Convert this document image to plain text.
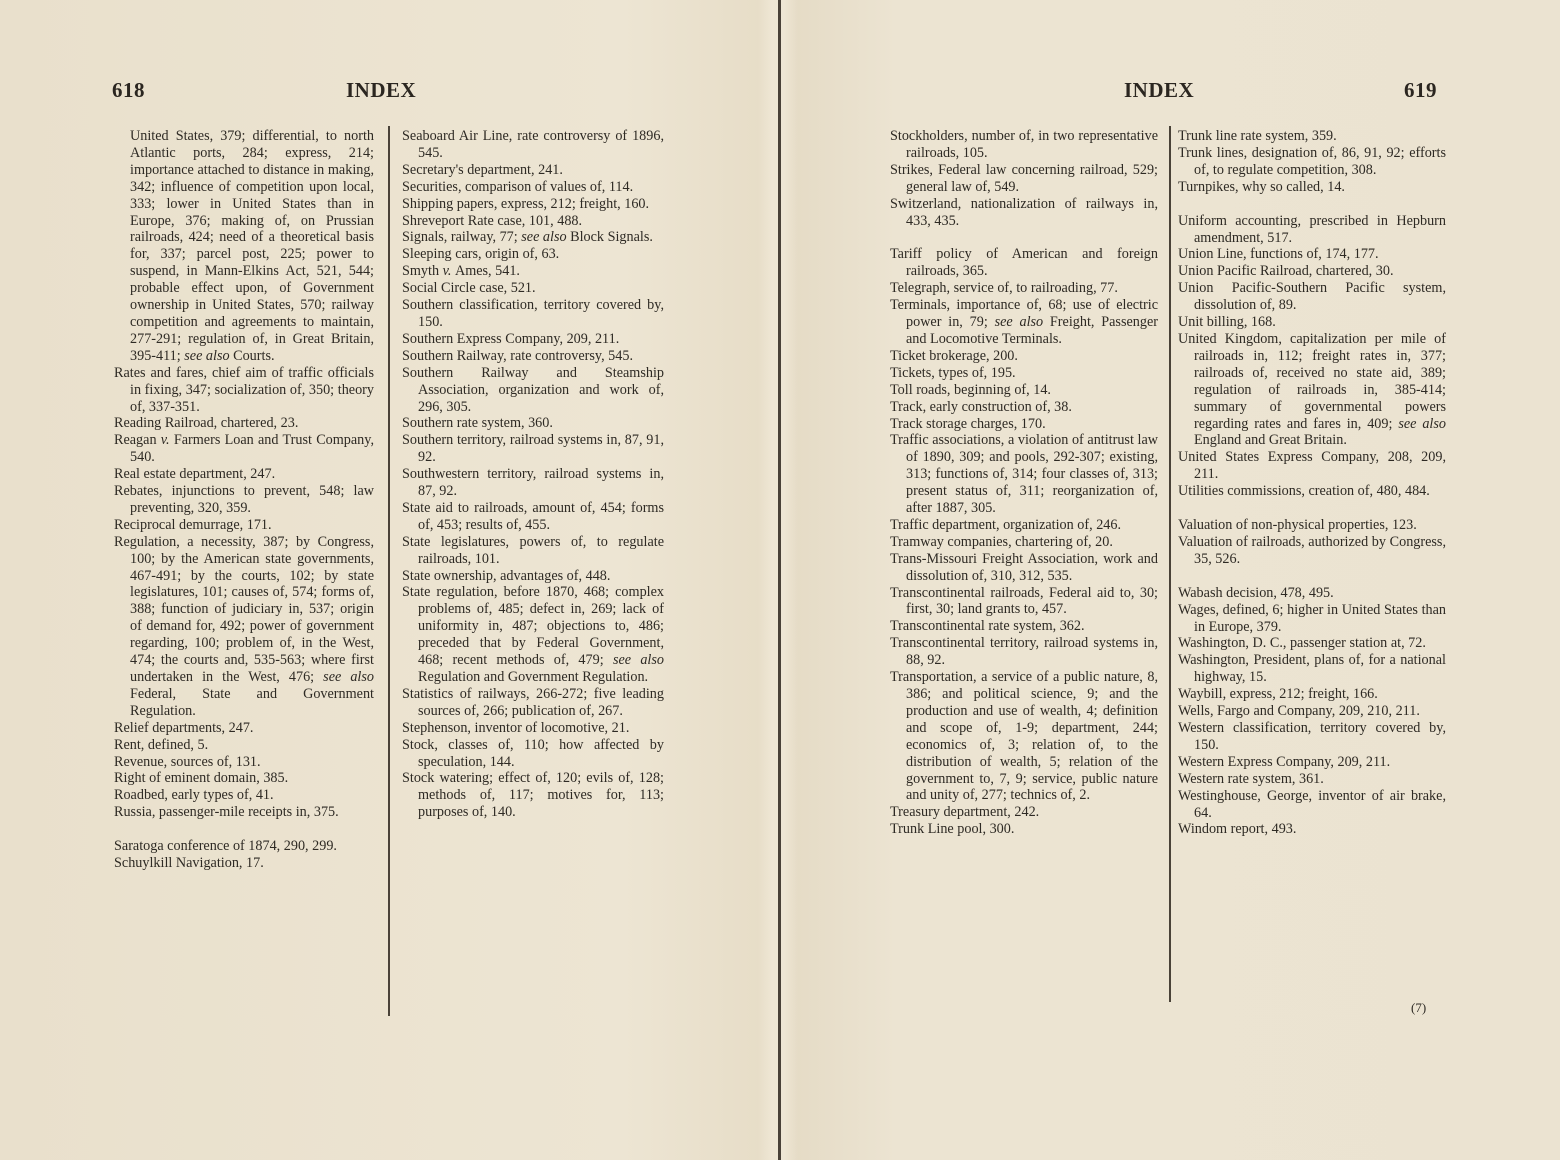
618	INDEX

United States, 379; differential, to north Atlantic ports, 284; express, 214; importance attached to distance in making, 342; influence of competition upon local, 333; lower in United States than in Europe, 376; making of, on Prussian railroads, 424; need of a theoretical basis for, 337; parcel post, 225; power to suspend, in Mann-Elkins Act, 521, 544; probable effect upon, of Government ownership in United States, 570; railway competition and agreements to maintain, 277-291; regulation of, in Great Britain, 395-411; see also Courts.

Rates and fares, chief aim of traffic officials in fixing, 347; socialization of, 350; theory of, 337-351.

Reading Railroad, chartered, 23.

Reagan v. Farmers Loan and Trust Company, 540.

Real estate department, 247.

Rebates, injunctions to prevent, 548; law preventing, 320, 359.

Reciprocal demurrage, 171.

Regulation, a necessity, 387; by Congress, 100; by the American state governments, 467-491; by the courts, 102; by state legislatures, 101; causes of, 574; forms of, 388; function of judiciary in, 537; origin of demand for, 492; power of government regarding, 100; problem of, in the West, 474; the courts and, 535-563; where first undertaken in the West, 476; see also Federal, State and Government Regulation.

Relief departments, 247.

Rent, defined, 5.

Revenue, sources of, 131.

Right of eminent domain, 385.

Roadbed, early types of, 41.

Russia, passenger-mile receipts in, 375.

Saratoga conference of 1874, 290, 299.

Schuylkill Navigation, 17.

Seaboard Air Line, rate controversy of 1896, 545.

Secretary's department, 241.

Securities, comparison of values of, 114.

Shipping papers, express, 212; freight, 160.

Shreveport Rate case, 101, 488.

Signals, railway, 77; see also Block Signals.

Sleeping cars, origin of, 63.

Smyth v. Ames, 541.

Social Circle case, 521.

Southern classification, territory covered by, 150.

Southern Express Company, 209, 211.

Southern Railway, rate controversy, 545.

Southern Railway and Steamship Association, organization and work of, 296, 305.

Southern rate system, 360.

Southern territory, railroad systems in, 87, 91, 92.

Southwestern territory, railroad systems in, 87, 92.

State aid to railroads, amount of, 454; forms of, 453; results of, 455.

State legislatures, powers of, to regulate railroads, 101.

State ownership, advantages of, 448.

State regulation, before 1870, 468; complex problems of, 485; defect in, 269; lack of uniformity in, 487; objections to, 486; preceded that by Federal Government, 468; recent methods of, 479; see also Regulation and Government Regulation.

Statistics of railways, 266-272; five leading sources of, 266; publication of, 267.

Stephenson, inventor of locomotive, 21.

Stock, classes of, 110; how affected by speculation, 144.

Stock watering; effect of, 120; evils of, 128; methods of, 117; motives for, 113; purposes of, 140.

INDEX	619

Stockholders, number of, in two representative railroads, 105.

Strikes, Federal law concerning railroad, 529; general law of, 549.

Switzerland, nationalization of railways in, 433, 435.

Tariff policy of American and foreign railroads, 365.

Telegraph, service of, to railroading, 77.

Terminals, importance of, 68; use of electric power in, 79; see also Freight, Passenger and Locomotive Terminals.

Ticket brokerage, 200.

Tickets, types of, 195.

Toll roads, beginning of, 14.

Track, early construction of, 38.

Track storage charges, 170.

Traffic associations, a violation of antitrust law of 1890, 309; and pools, 292-307; existing, 313; functions of, 314; four classes of, 313; present status of, 311; reorganization of, after 1887, 305.

Traffic department, organization of, 246.

Tramway companies, chartering of, 20.

Trans-Missouri Freight Association, work and dissolution of, 310, 312, 535.

Transcontinental railroads, Federal aid to, 30; first, 30; land grants to, 457.

Transcontinental rate system, 362.

Transcontinental territory, railroad systems in, 88, 92.

Transportation, a service of a public nature, 8, 386; and political science, 9; and the production and use of wealth, 4; definition and scope of, 1-9; department, 244; economics of, 3; relation of, to the distribution of wealth, 5; relation of the government to, 7, 9; service, public nature and unity of, 277; technics of, 2.

Treasury department, 242.

Trunk Line pool, 300.

Trunk line rate system, 359.

Trunk lines, designation of, 86, 91, 92; efforts of, to regulate competition, 308.

Turnpikes, why so called, 14.

Uniform accounting, prescribed in Hepburn amendment, 517.

Union Line, functions of, 174, 177.

Union Pacific Railroad, chartered, 30.

Union Pacific-Southern Pacific system, dissolution of, 89.

Unit billing, 168.

United Kingdom, capitalization per mile of railroads in, 112; freight rates in, 377; railroads of, received no state aid, 389; regulation of railroads in, 385-414; summary of governmental powers regarding rates and fares in, 409; see also England and Great Britain.

United States Express Company, 208, 209, 211.

Utilities commissions, creation of, 480, 484.

Valuation of non-physical properties, 123.

Valuation of railroads, authorized by Congress, 35, 526.

Wabash decision, 478, 495.

Wages, defined, 6; higher in United States than in Europe, 379.

Washington, D. C., passenger station at, 72.

Washington, President, plans of, for a national highway, 15.

Waybill, express, 212; freight, 166.

Wells, Fargo and Company, 209, 210, 211.

Western classification, territory covered by, 150.

Western Express Company, 209, 211.

Western rate system, 361.

Westinghouse, George, inventor of air brake, 64.

Windom report, 493.

(7)
